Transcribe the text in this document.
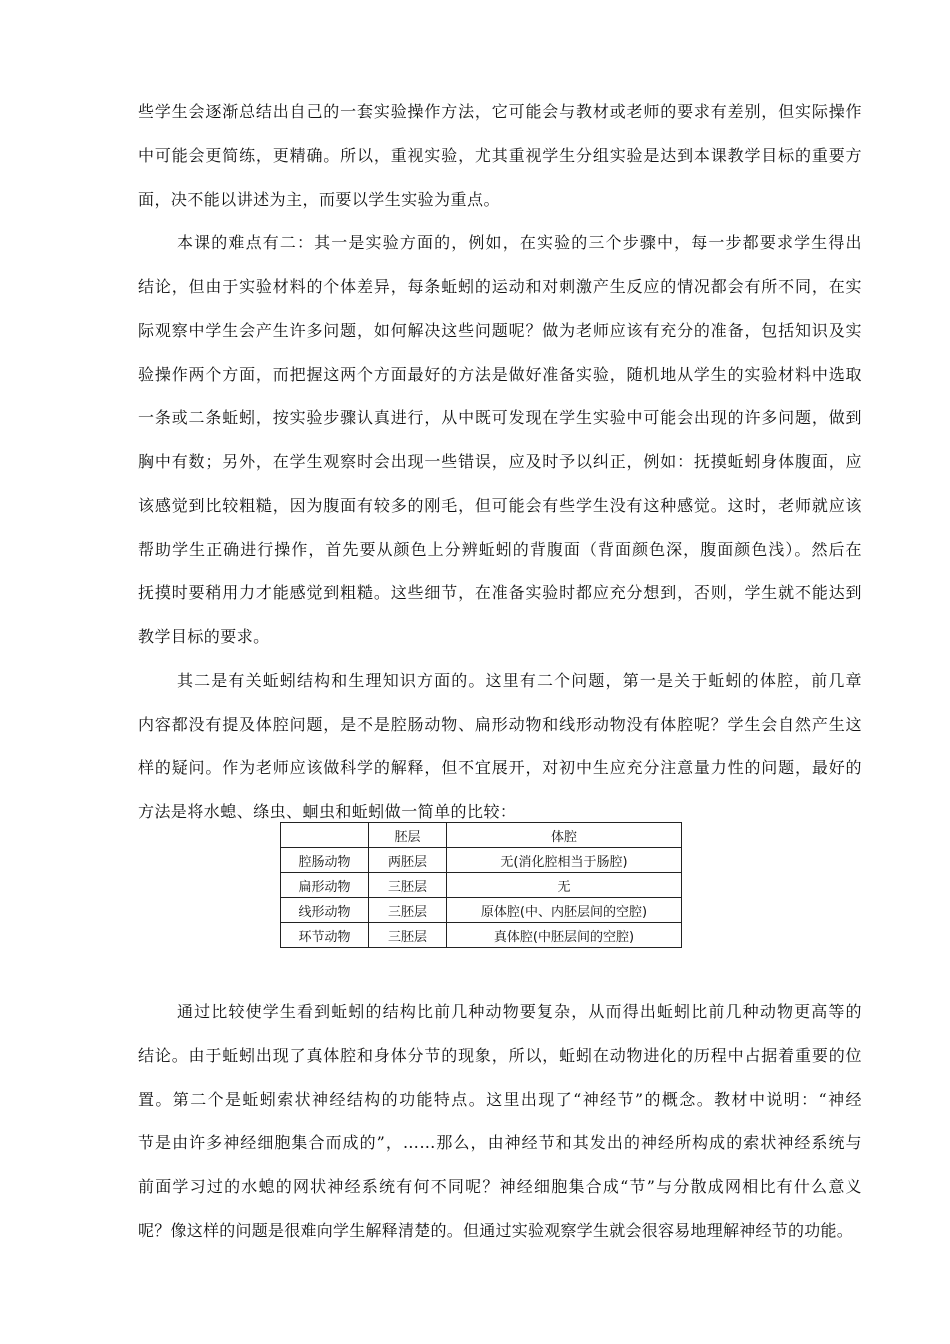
些学生会逐渐总结出自己的一套实验操作方法，它可能会与教材或老师的要求有差别，但实际操作
中可能会更简练，更精确。所以，重视实验，尤其重视学生分组实验是达到本课教学目标的重要方
面，决不能以讲述为主，而要以学生实验为重点。
本课的难点有二：其一是实验方面的，例如，在实验的三个步骤中，每一步都要求学生得出
结论，但由于实验材料的个体差异，每条蚯蚓的运动和对刺激产生反应的情况都会有所不同，在实
际观察中学生会产生许多问题，如何解决这些问题呢？做为老师应该有充分的准备，包括知识及实
验操作两个方面，而把握这两个方面最好的方法是做好准备实验，随机地从学生的实验材料中选取
一条或二条蚯蚓，按实验步骤认真进行，从中既可发现在学生实验中可能会出现的许多问题，做到
胸中有数；另外，在学生观察时会出现一些错误，应及时予以纠正，例如：抚摸蚯蚓身体腹面，应
该感觉到比较粗糙，因为腹面有较多的刚毛，但可能会有些学生没有这种感觉。这时，老师就应该
帮助学生正确进行操作，首先要从颜色上分辨蚯蚓的背腹面（背面颜色深，腹面颜色浅）。然后在
抚摸时要稍用力才能感觉到粗糙。这些细节，在准备实验时都应充分想到，否则，学生就不能达到
教学目标的要求。
其二是有关蚯蚓结构和生理知识方面的。这里有二个问题，第一是关于蚯蚓的体腔，前几章
内容都没有提及体腔问题，是不是腔肠动物、扁形动物和线形动物没有体腔呢？学生会自然产生这
样的疑问。作为老师应该做科学的解释，但不宜展开，对初中生应充分注意量力性的问题，最好的
方法是将水螅、绦虫、蛔虫和蚯蚓做一简单的比较：
	胚层	体腔
腔肠动物	两胚层	无(消化腔相当于肠腔)
扁形动物	三胚层	无
线形动物	三胚层	原体腔(中、内胚层间的空腔)
环节动物	三胚层	真体腔(中胚层间的空腔)
通过比较使学生看到蚯蚓的结构比前几种动物要复杂，从而得出蚯蚓比前几种动物更高等的
结论。由于蚯蚓出现了真体腔和身体分节的现象，所以，蚯蚓在动物进化的历程中占据着重要的位
置。第二个是蚯蚓索状神经结构的功能特点。这里出现了“神经节”的概念。教材中说明：“神经
节是由许多神经细胞集合而成的”，……那么，由神经节和其发出的神经所构成的索状神经系统与
前面学习过的水螅的网状神经系统有何不同呢？神经细胞集合成“节”与分散成网相比有什么意义
呢？像这样的问题是很难向学生解释清楚的。但通过实验观察学生就会很容易地理解神经节的功能。
